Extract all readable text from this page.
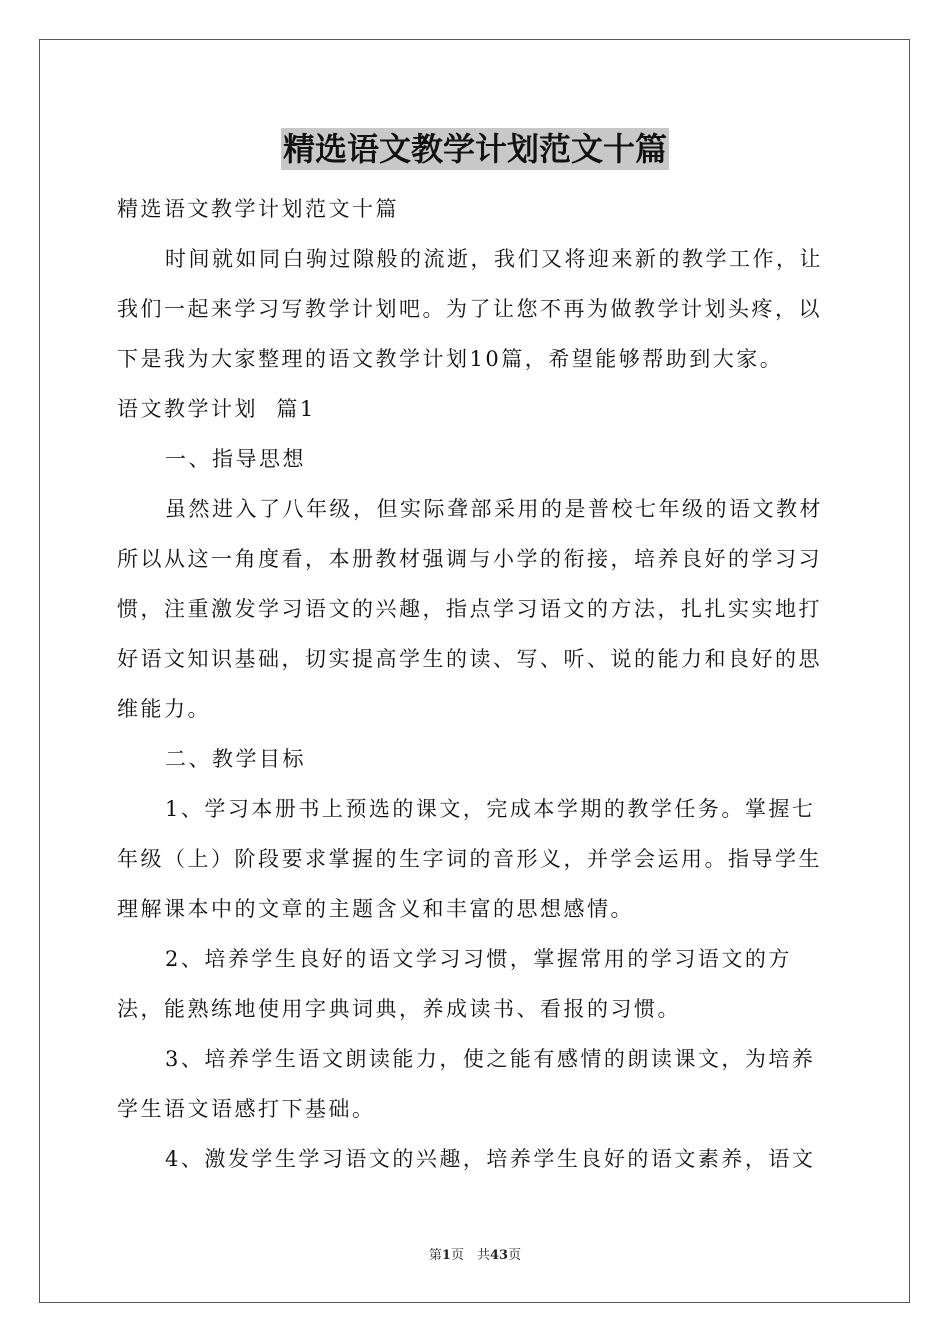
精选语文教学计划范文十篇

精选语文教学计划范文十篇

时间就如同白驹过隙般的流逝，我们又将迎来新的教学工作，让我们一起来学习写教学计划吧。为了让您不再为做教学计划头疼，以下是我为大家整理的语文教学计划10篇，希望能够帮助到大家。

语文教学计划  篇1

一、指导思想

虽然进入了八年级，但实际聋部采用的是普校七年级的语文教材所以从这一角度看，本册教材强调与小学的衔接，培养良好的学习习惯，注重激发学习语文的兴趣，指点学习语文的方法，扎扎实实地打好语文知识基础，切实提高学生的读、写、听、说的能力和良好的思维能力。

二、教学目标

1、学习本册书上预选的课文，完成本学期的教学任务。掌握七年级（上）阶段要求掌握的生字词的音形义，并学会运用。指导学生理解课本中的文章的主题含义和丰富的思想感情。

2、培养学生良好的语文学习习惯，掌握常用的学习语文的方法，能熟练地使用字典词典，养成读书、看报的习惯。

3、培养学生语文朗读能力，使之能有感情的朗读课文，为培养学生语文语感打下基础。

4、激发学生学习语文的兴趣，培养学生良好的语文素养，语文

第1页　共43页
